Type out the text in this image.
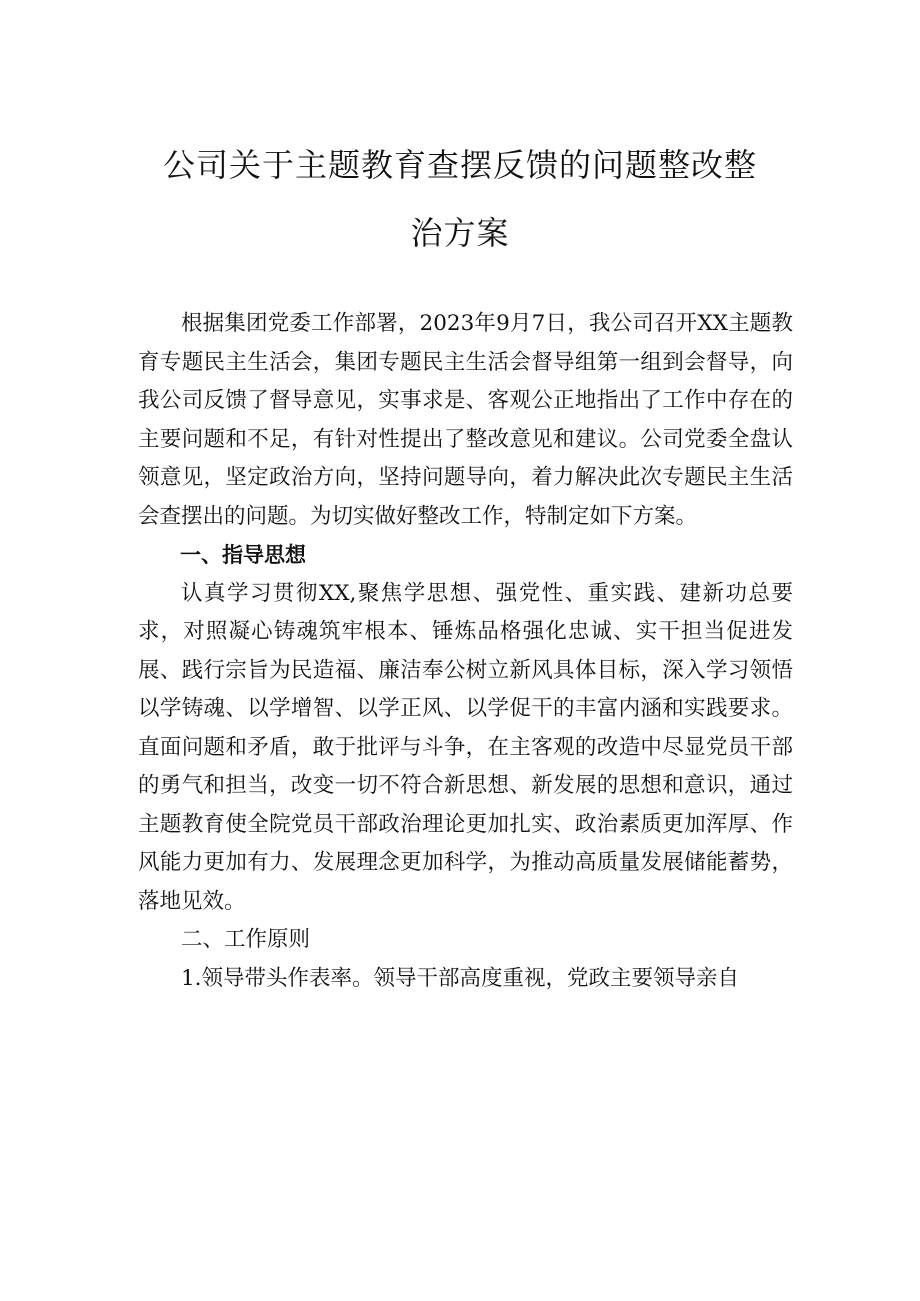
公司关于主题教育查摆反馈的问题整改整
治方案

根据集团党委工作部署，2023年9月7日，我公司召开XX主题教育专题民主生活会，集团专题民主生活会督导组第一组到会督导，向我公司反馈了督导意见，实事求是、客观公正地指出了工作中存在的主要问题和不足，有针对性提出了整改意见和建议。公司党委全盘认领意见，坚定政治方向，坚持问题导向，着力解决此次专题民主生活会查摆出的问题。为切实做好整改工作，特制定如下方案。

一、指导思想

认真学习贯彻XX,聚焦学思想、强党性、重实践、建新功总要求，对照凝心铸魂筑牢根本、锤炼品格强化忠诚、实干担当促进发展、践行宗旨为民造福、廉洁奉公树立新风具体目标，深入学习领悟以学铸魂、以学增智、以学正风、以学促干的丰富内涵和实践要求。直面问题和矛盾，敢于批评与斗争，在主客观的改造中尽显党员干部的勇气和担当，改变一切不符合新思想、新发展的思想和意识，通过主题教育使全院党员干部政治理论更加扎实、政治素质更加浑厚、作风能力更加有力、发展理念更加科学，为推动高质量发展储能蓄势，落地见效。

二、工作原则

1.领导带头作表率。领导干部高度重视，党政主要领导亲自
